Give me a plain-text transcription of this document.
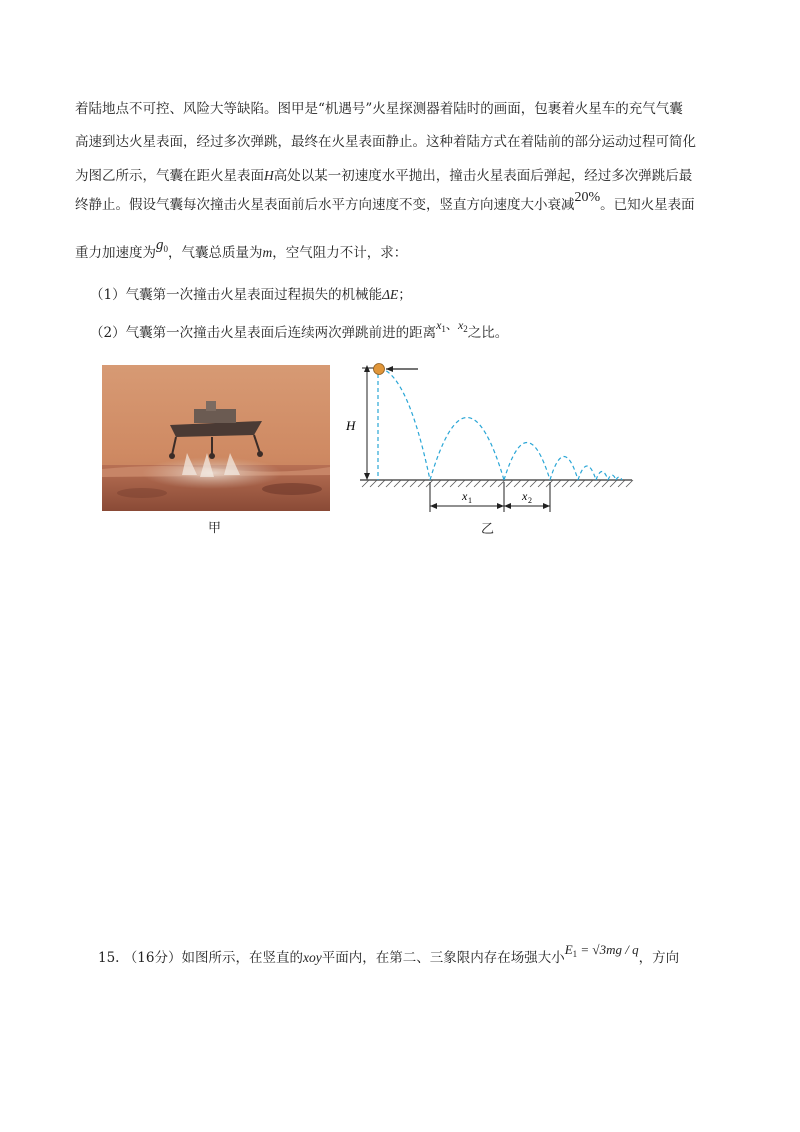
着陆地点不可控、风险大等缺陷。图甲是“机遇号”火星探测器着陆时的画面，包裹着火星车的充气气囊
高速到达火星表面，经过多次弹跳，最终在火星表面静止。这种着陆方式在着陆前的部分运动过程可简化
为图乙所示，气囊在距火星表面H高处以某一初速度水平抛出，撞击火星表面后弹起，经过多次弹跳后最
终静止。假设气囊每次撞击火星表面前后水平方向速度不变，竖直方向速度大小衰减20%。已知火星表面
重力加速度为$g_0$，气囊总质量为m，空气阻力不计，求：
（1）气囊第一次撞击火星表面过程损失的机械能ΔE；
（2）气囊第一次撞击火星表面后连续两次弹跳前进的距离$x_1$、$x_2$之比。
甲
H
x 1	x 2
乙
15. （16分）如图所示，在竖直的xoy平面内，在第二、三象限内存在场强大小$E_1 = √3mg / q$，方向
